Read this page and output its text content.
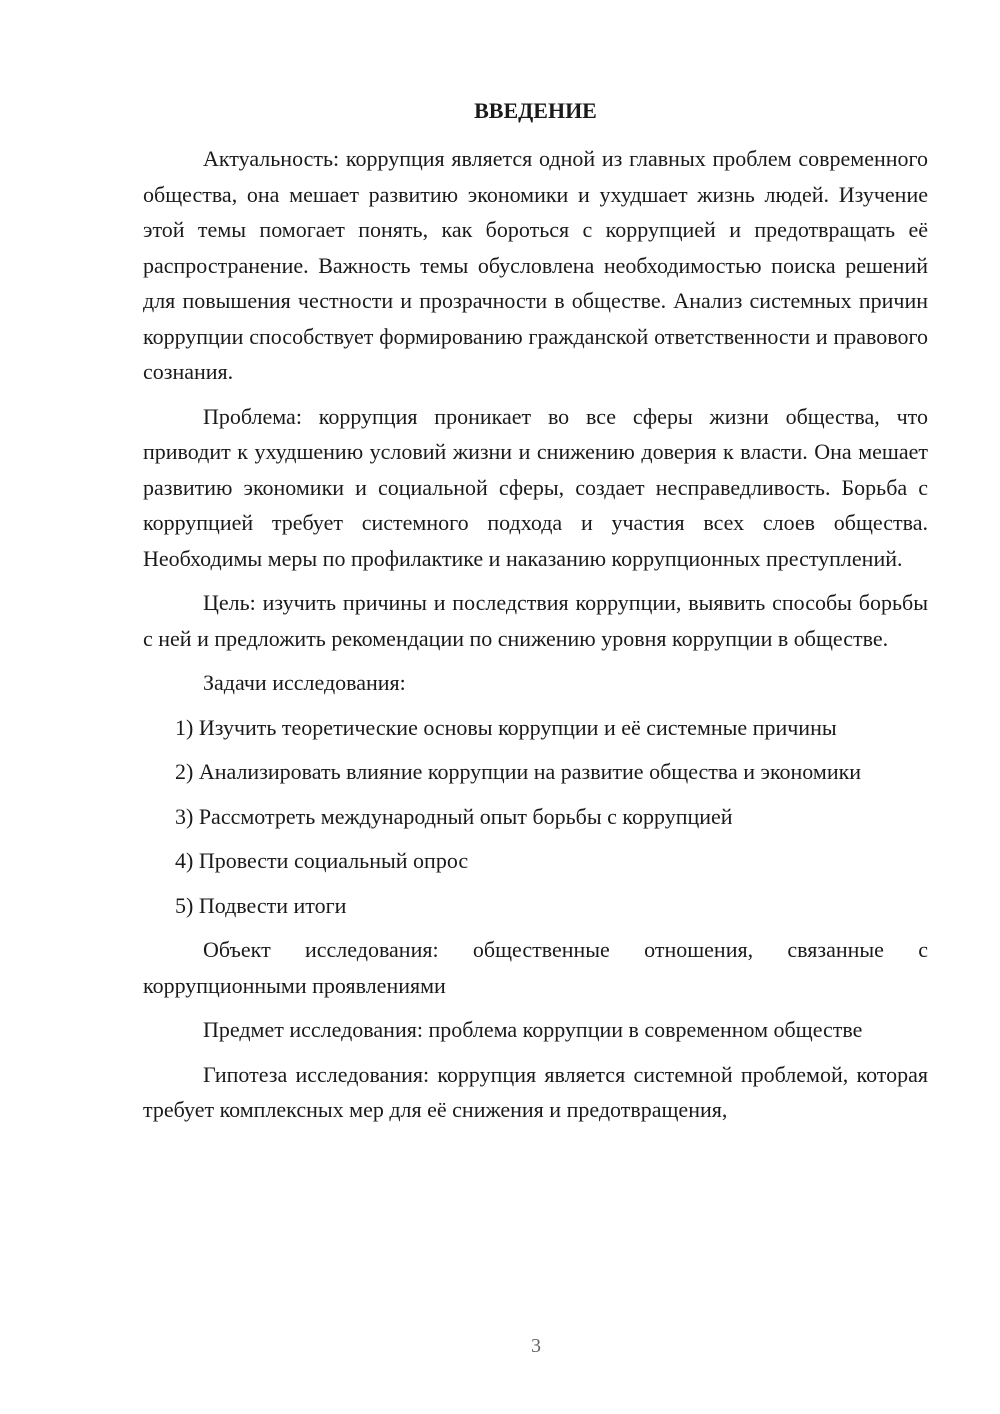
ВВЕДЕНИЕ

Актуальность: коррупция является одной из главных проблем современного общества, она мешает развитию экономики и ухудшает жизнь людей. Изучение этой темы помогает понять, как бороться с коррупцией и предотвращать её распространение. Важность темы обусловлена необходимостью поиска решений для повышения честности и прозрачности в обществе. Анализ системных причин коррупции способствует формированию гражданской ответственности и правового сознания.

Проблема: коррупция проникает во все сферы жизни общества, что приводит к ухудшению условий жизни и снижению доверия к власти. Она мешает развитию экономики и социальной сферы, создает несправедливость. Борьба с коррупцией требует системного подхода и участия всех слоев общества. Необходимы меры по профилактике и наказанию коррупционных преступлений.

Цель: изучить причины и последствия коррупции, выявить способы борьбы с ней и предложить рекомендации по снижению уровня коррупции в обществе.

Задачи исследования:

1) Изучить теоретические основы коррупции и её системные причины

2) Анализировать влияние коррупции на развитие общества и экономики

3) Рассмотреть международный опыт борьбы с коррупцией

4) Провести социальный опрос

5) Подвести итоги

Объект исследования: общественные отношения, связанные с коррупционными проявлениями

Предмет исследования: проблема коррупции в современном обществе

Гипотеза исследования: коррупция является системной проблемой, которая требует комплексных мер для её снижения и предотвращения,

3
